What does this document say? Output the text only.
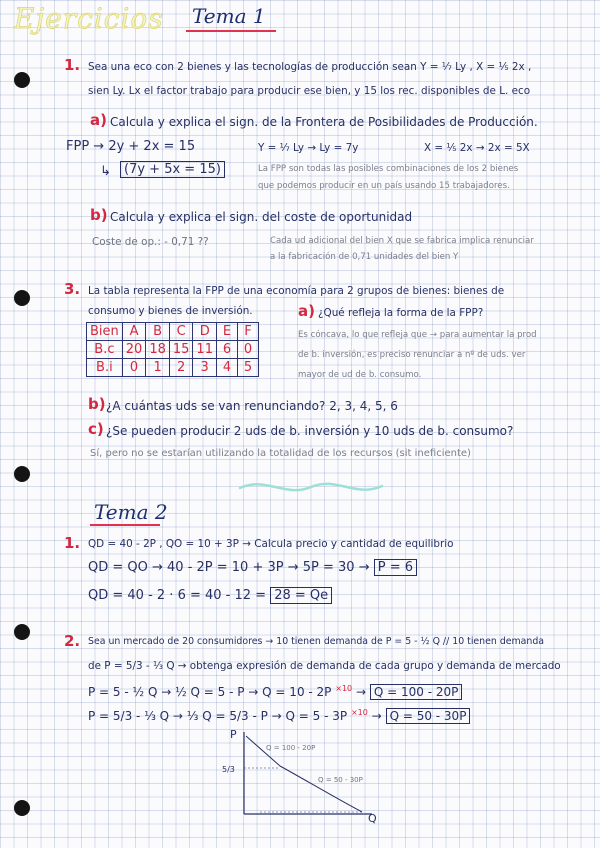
Ejercicios Tema 1
1. Sea una eco con 2 bienes y las tecnologías de producción sean Y = ⅐ Ly , X = ⅕ 2x ,
sien Ly. Lx el factor trabajo para producir ese bien, y 15 los rec. disponibles de L. eco
a) Calcula y explica el sign. de la Frontera de Posibilidades de Producción.
FPP → 2y + 2x = 15	Y = ⅐ Ly → Ly = 7y	X = ⅕ 2x → 2x = 5X
↳	(7y + 5x = 15)	La FPP son todas las posibles combinaciones de los 2 bienes
que podemos producir en un país usando 15 trabajadores.
b) Calcula y explica el sign. del coste de oportunidad
Coste de op.: - 0,71 ??	Cada ud adicional del bien X que se fabrica implica renunciar
a la fabricación de 0,71 unidades del bien Y
3. La tabla representa la FPP de una economía para 2 grupos de bienes: bienes de
consumo y bienes de inversión.
Bien	A	B	C	D	E	F
B.c	20	18	15	11	6	0
B.i	0	1	2	3	4	5
a) ¿Qué refleja la forma de la FPP?
Es cóncava, lo que refleja que → para aumentar la prod
de b. inversión, es preciso renunciar a nº de uds. ver
mayor de ud de b. consumo.
b) ¿A cuántas uds se van renunciando? 2, 3, 4, 5, 6
c) ¿Se pueden producir 2 uds de b. inversión y 10 uds de b. consumo?
Sí, pero no se estarían utilizando la totalidad de los recursos (sit ineficiente)
Tema 2
1. QD = 40 - 2P , QO = 10 + 3P → Calcula precio y cantidad de equilibrio
QD = QO → 40 - 2P = 10 + 3P → 5P = 30 → P = 6
QD = 40 - 2 · 6 = 40 - 12 = 28 = Qe
2. Sea un mercado de 20 consumidores → 10 tienen demanda de P = 5 - ½ Q // 10 tienen demanda
de P = 5/3 - ⅓ Q → obtenga expresión de demanda de cada grupo y demanda de mercado
P = 5 - ½ Q → ½ Q = 5 - P → Q = 10 - 2P $^{\times 10}$ → Q = 100 - 20P
P = 5/3 - ⅓ Q → ⅓ Q = 5/3 - P → Q = 5 - 3P $^{\times 10}$ → Q = 50 - 30P
P
Q
5/3
Q = 100 - 20P
Q = 50 - 30P
